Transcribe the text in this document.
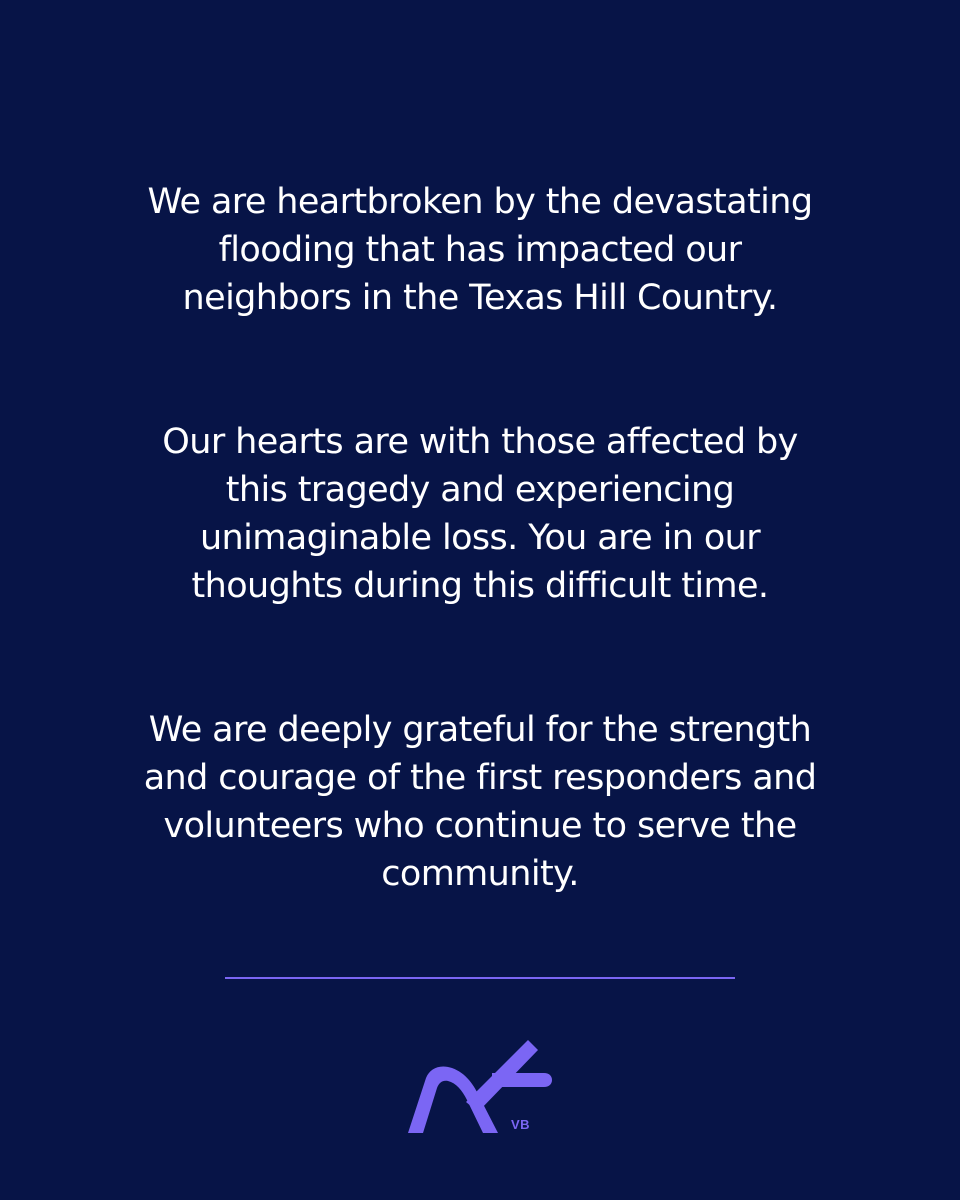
We are heartbroken by the devastating
flooding that has impacted our
neighbors in the Texas Hill Country.

Our hearts are with those affected by
this tragedy and experiencing
unimaginable loss. You are in our
thoughts during this difficult time.

We are deeply grateful for the strength
and courage of the first responders and
volunteers who continue to serve the
community.

VB
